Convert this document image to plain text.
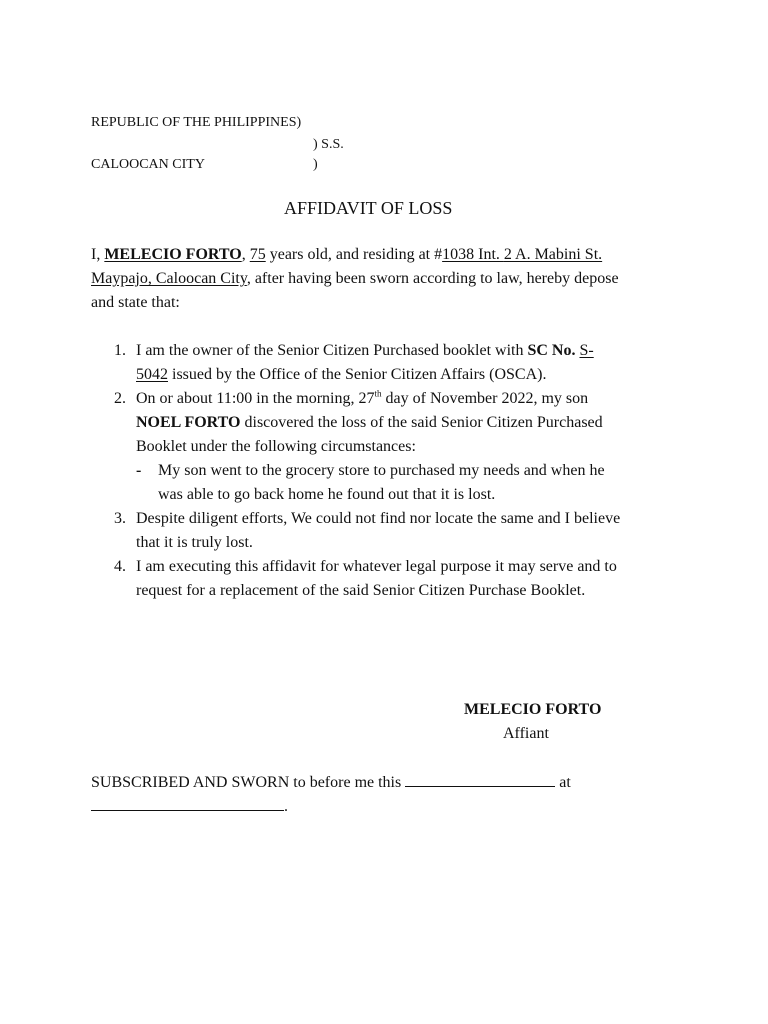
REPUBLIC OF THE PHILIPPINES)
) S.S.
CALOOCAN CITY	)
AFFIDAVIT OF LOSS
I, MELECIO FORTO, 75 years old, and residing at #1038 Int. 2 A. Mabini St.
Maypajo, Caloocan City, after having been sworn according to law, hereby depose
and state that:
1. I am the owner of the Senior Citizen Purchased booklet with SC No. S-
5042 issued by the Office of the Senior Citizen Affairs (OSCA).
2. On or about 11:00 in the morning, 27th day of November 2022, my son
NOEL FORTO discovered the loss of the said Senior Citizen Purchased
Booklet under the following circumstances:
- My son went to the grocery store to purchased my needs and when he
was able to go back home he found out that it is lost.
3. Despite diligent efforts, We could not find nor locate the same and I believe
that it is truly lost.
4. I am executing this affidavit for whatever legal purpose it may serve and to
request for a replacement of the said Senior Citizen Purchase Booklet.
MELECIO FORTO
Affiant
SUBSCRIBED AND SWORN to before me this	at
.
